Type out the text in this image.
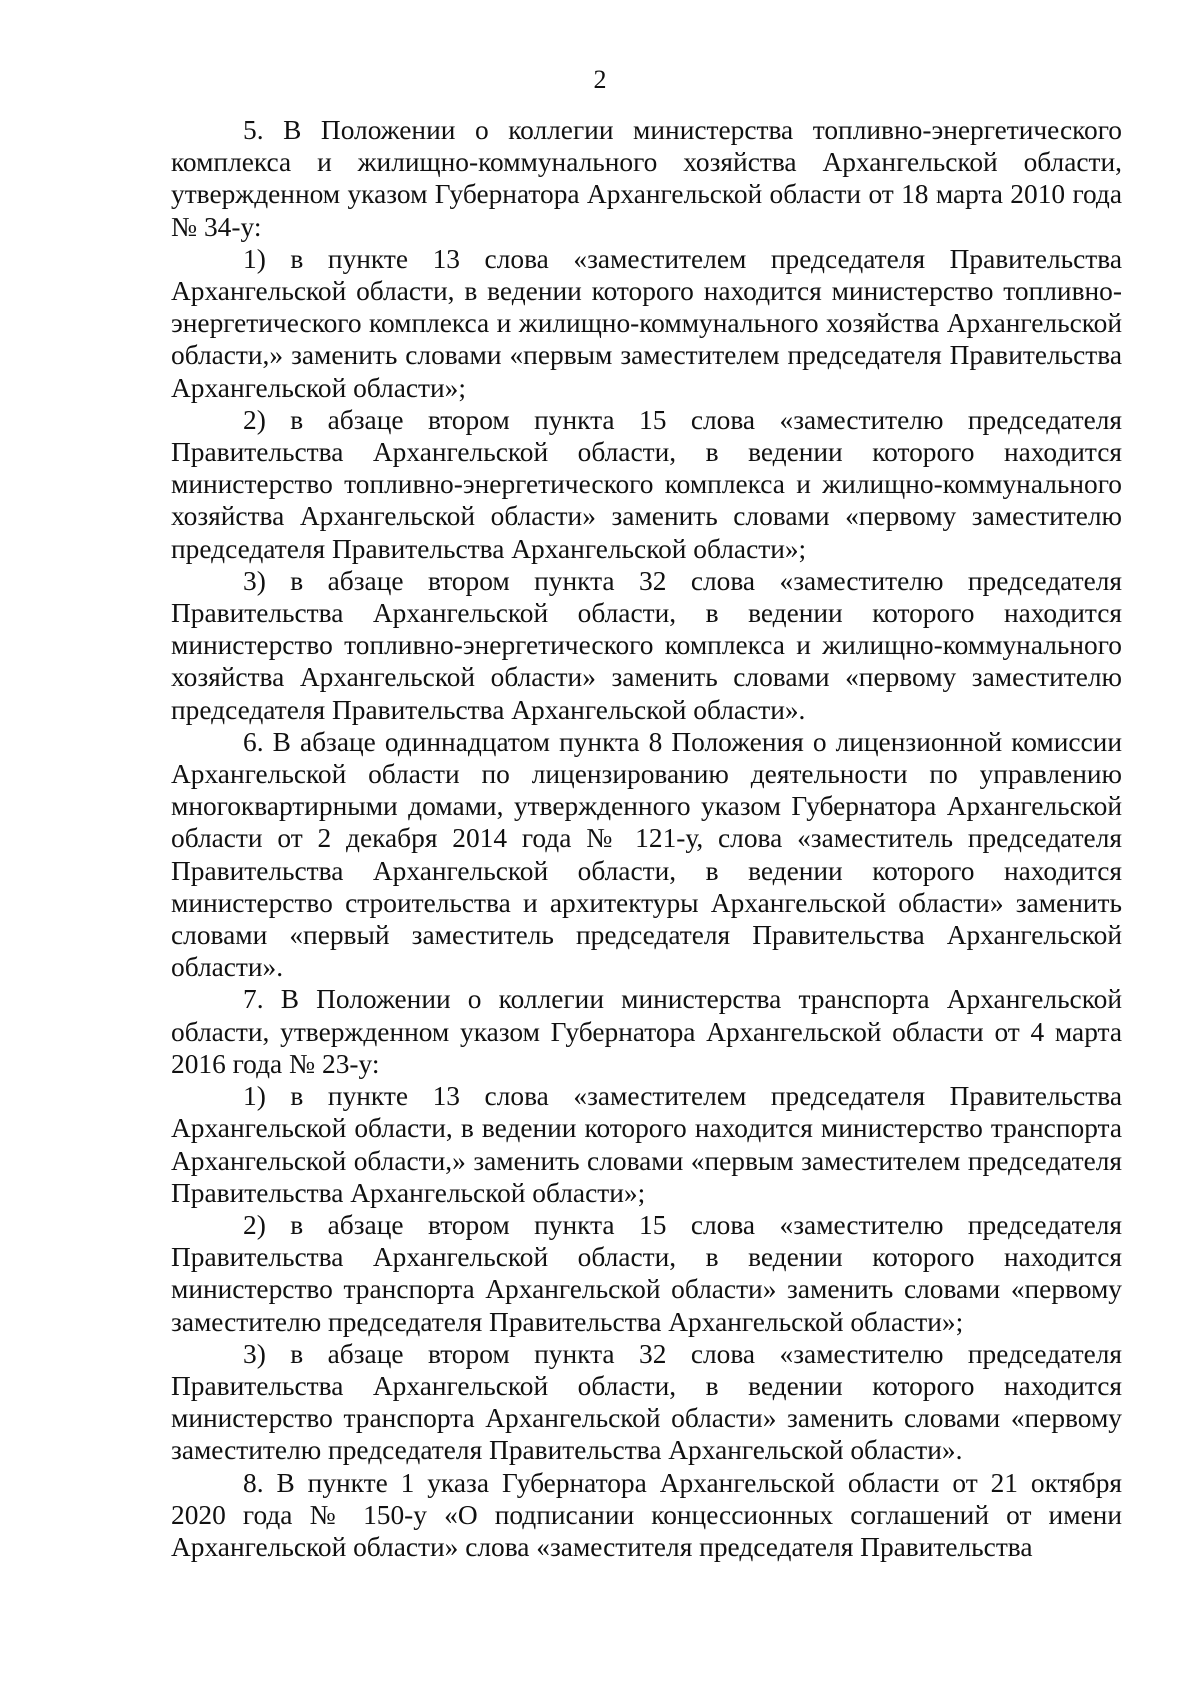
2

5. В Положении о коллегии министерства топливно-энергетического комплекса и жилищно-коммунального хозяйства Архангельской области, утвержденном указом Губернатора Архангельской области от 18 марта 2010 года № 34-у:

1) в пункте 13 слова «заместителем председателя Правительства Архангельской области, в ведении которого находится министерство топливно-энергетического комплекса и жилищно-коммунального хозяйства Архангельской области,» заменить словами «первым заместителем председателя Правительства Архангельской области»;

2) в абзаце втором пункта 15 слова «заместителю председателя Правительства Архангельской области, в ведении которого находится министерство топливно-энергетического комплекса и жилищно-коммунального хозяйства Архангельской области» заменить словами «первому заместителю председателя Правительства Архангельской области»;

3) в абзаце втором пункта 32 слова «заместителю председателя Правительства Архангельской области, в ведении которого находится министерство топливно-энергетического комплекса и жилищно-коммунального хозяйства Архангельской области» заменить словами «первому заместителю председателя Правительства Архангельской области».

6. В абзаце одиннадцатом пункта 8 Положения о лицензионной комиссии Архангельской области по лицензированию деятельности по управлению многоквартирными домами, утвержденного указом Губернатора Архангельской области от 2 декабря 2014 года № 121-у, слова «заместитель председателя Правительства Архангельской области, в ведении которого находится министерство строительства и архитектуры Архангельской области» заменить словами «первый заместитель председателя Правительства Архангельской области».

7. В Положении о коллегии министерства транспорта Архангельской области, утвержденном указом Губернатора Архангельской области от 4 марта 2016 года № 23-у:

1) в пункте 13 слова «заместителем председателя Правительства Архангельской области, в ведении которого находится министерство транспорта Архангельской области,» заменить словами «первым заместителем председателя Правительства Архангельской области»;

2) в абзаце втором пункта 15 слова «заместителю председателя Правительства Архангельской области, в ведении которого находится министерство транспорта Архангельской области» заменить словами «первому заместителю председателя Правительства Архангельской области»;

3) в абзаце втором пункта 32 слова «заместителю председателя Правительства Архангельской области, в ведении которого находится министерство транспорта Архангельской области» заменить словами «первому заместителю председателя Правительства Архангельской области».

8. В пункте 1 указа Губернатора Архангельской области от 21 октября 2020 года № 150-у «О подписании концессионных соглашений от имени Архангельской области» слова «заместителя председателя Правительства
